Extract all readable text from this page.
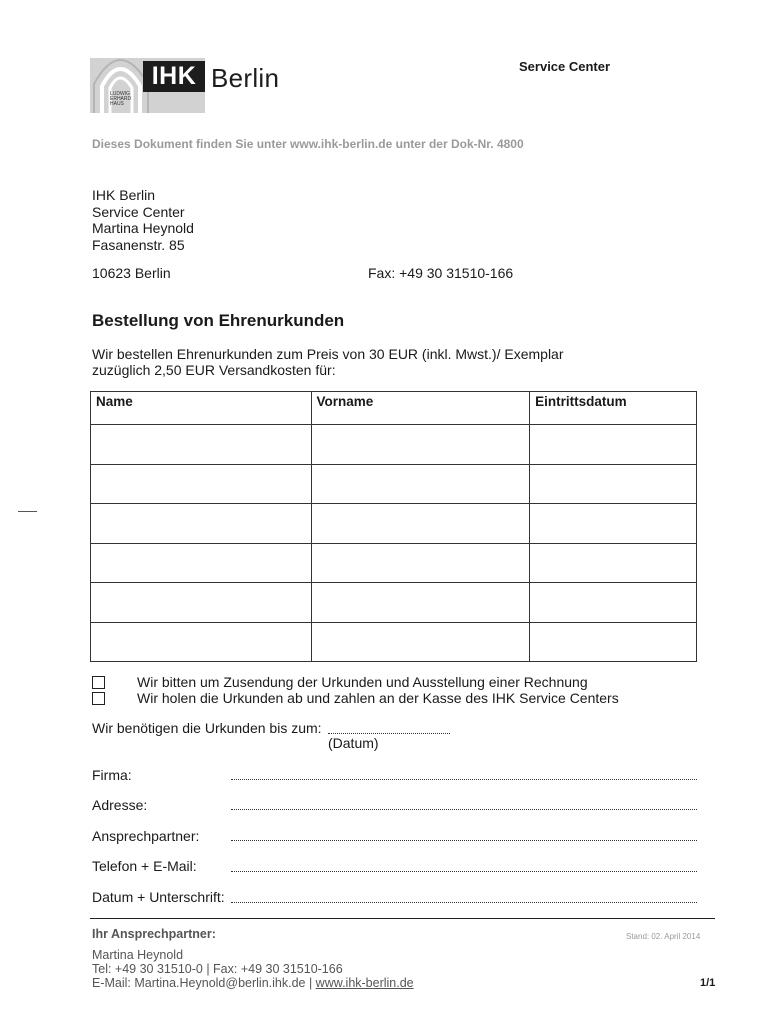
IHK Berlin
LUDWIG
ERHARD
HAUS
Service Center
Dieses Dokument finden Sie unter www.ihk-berlin.de unter der Dok-Nr. 4800
IHK Berlin
Service Center
Martina Heynold
Fasanenstr. 85
10623 Berlin	Fax: +49 30 31510-166
Bestellung von Ehrenurkunden
Wir bestellen Ehrenurkunden zum Preis von 30 EUR (inkl. Mwst.)/ Exemplar
zuzüglich 2,50 EUR Versandkosten für:
Name	Vorname	Eintrittsdatum

Wir bitten um Zusendung der Urkunden und Ausstellung einer Rechnung
Wir holen die Urkunden ab und zahlen an der Kasse des IHK Service Centers
Wir benötigen die Urkunden bis zum:
(Datum)
Firma:
Adresse:
Ansprechpartner:
Telefon + E-Mail:
Datum + Unterschrift:
Ihr Ansprechpartner:	Stand: 02. April 2014
Martina Heynold
Tel: +49 30 31510-0 | Fax: +49 30 31510-166
E-Mail: Martina.Heynold@berlin.ihk.de | www.ihk-berlin.de	1/1
